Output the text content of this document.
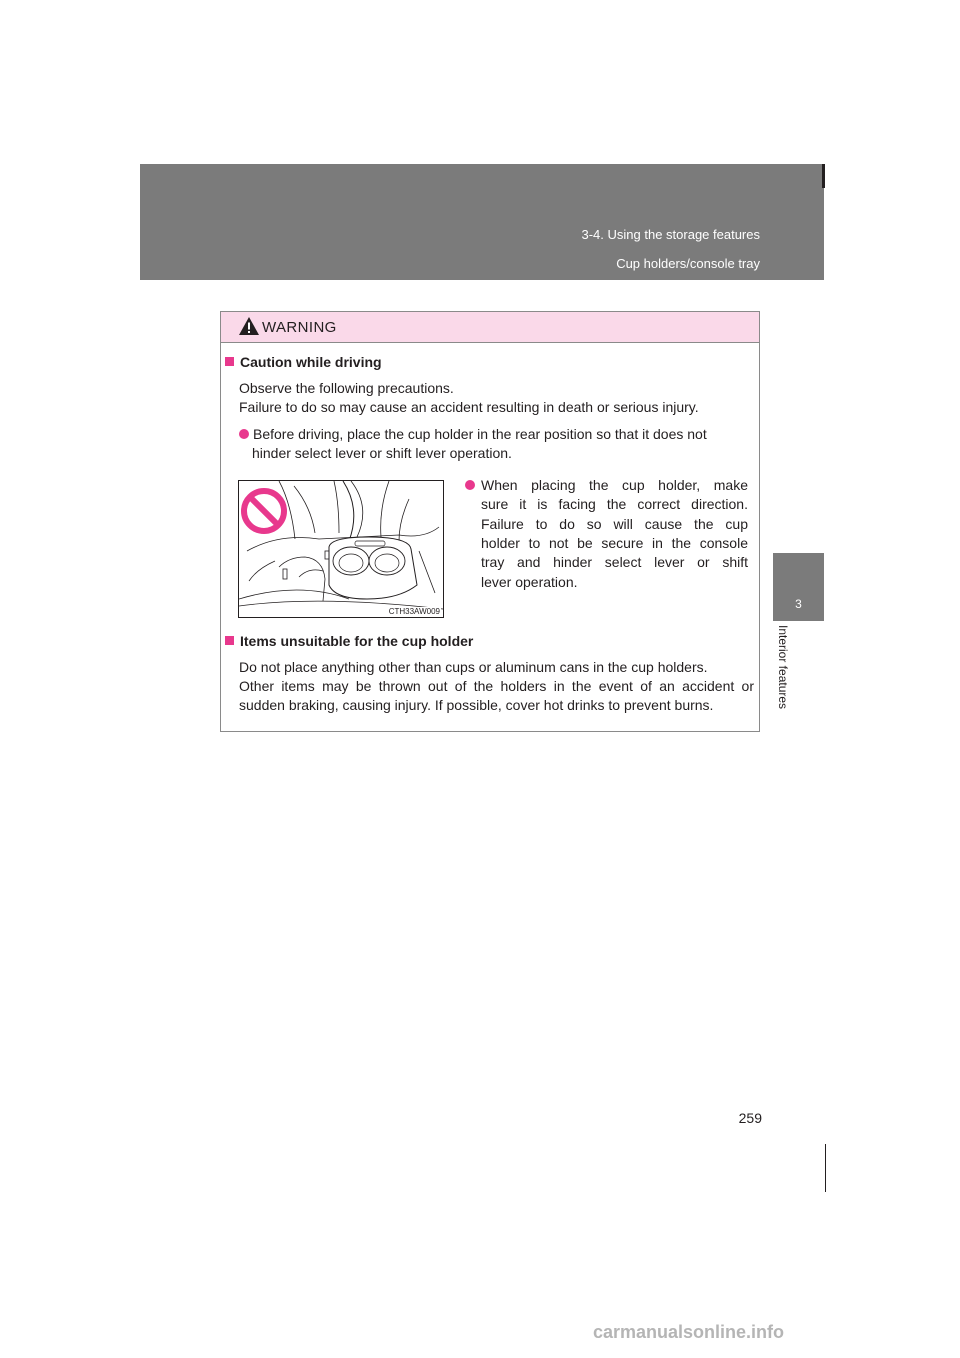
3-4. Using the storage features
Cup holders/console tray
3
Interior features
WARNING
Caution while driving
Observe the following precautions.
Failure to do so may cause an accident resulting in death or serious injury.
Before driving, place the cup holder in the rear position so that it does not
hinder select lever or shift lever operation.
CTH33AW009
When placing the cup holder, make
sure it is facing the correct direction.
Failure to do so will cause the cup
holder to not be secure in the console
tray and hinder select lever or shift
lever operation.
Items unsuitable for the cup holder
Do not place anything other than cups or aluminum cans in the cup holders.
Other items may be thrown out of the holders in the event of an accident or
sudden braking, causing injury. If possible, cover hot drinks to prevent burns.
259
carmanualsonline.info
